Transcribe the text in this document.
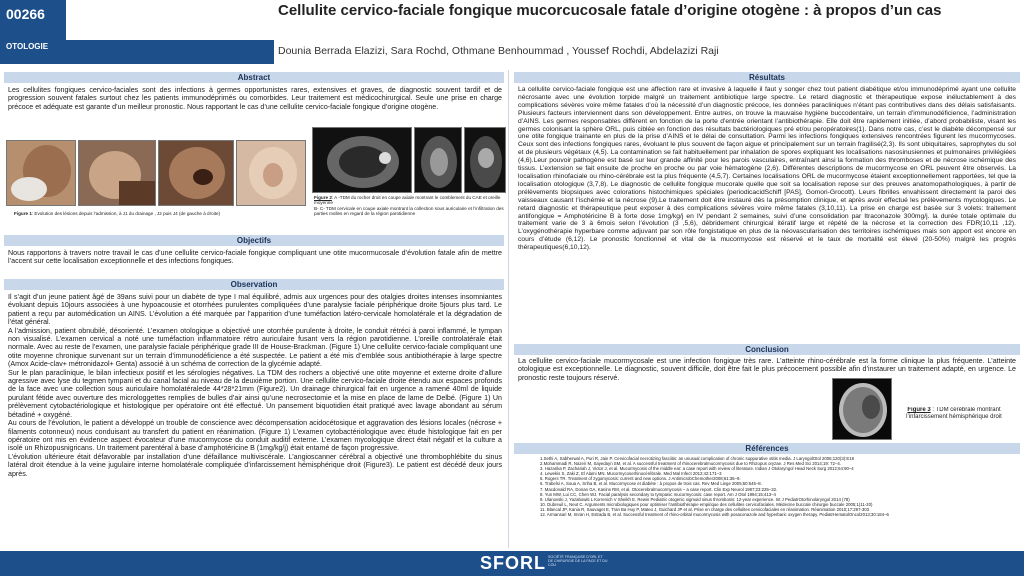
00266
OTOLOGIE
Cellulite cervico-faciale fongique mucorcucosale fatale d’origine otogène : à propos d’un cas
Dounia Berrada Elazizi, Sara Rochd, Othmane Benhoummad , Youssef Rochdi, Abdelazizi Raji
Abstract
Les cellulites fongiques cervico-faciales sont des infections à germes opportunistes rares, extensives et graves, de diagnostic souvent tardif et de progression souvent fatales surtout chez les patients immunodéprimés ou comorbides. Leur traitement est médicochirurgical. Seule une prise en charge précoce et adéquate est garante d’un meilleur pronostic. Nous rapportant le cas d’une cellulite cervico-faciale fongique d’origine otogène.
Figure 1: Evolution des lésions depuis l’admission, à J1 du drainage , J2 puis J4 (de gauche à droite)
Figure 2: A -TDM du rocher droit en coupe axiale montrant le comblement du CAE et oreille moyenne
B- C- TDM cervicale en coupe axiale montrant la collection sous auriculaire et l’infiltration des parties molles en regard de la région parotidienne
Objectifs
Nous rapportons à travers notre travail le cas d’une cellulite cervico-faciale fongique compliquant une otite mucormucosale d’évolution fatale afin de mettre l’accent sur cette localisation exceptionnelle et des infections fongiques.
Observation

Il s’agit d’un jeune patient âgé de 39ans suivi pour un diabète de type I mal équilibré, admis aux urgences pour des otalgies droites intenses insomniantes évoluant depuis 10jours associées à une hypoacousie et otorrhées purulentes compliquées d’une paralysie faciale périphérique droite 5jours plus tard. Le patient a reçu par automédication un AINS. L’évolution a été marquée par l’apparition d’une tuméfaction latéro-cervicale homolatérale et la dégradation de l’état général.

A l’admission, patient obnubilé, désorienté. L’examen otologique a objectivé une otorrhée purulente à droite, le conduit rétréci à paroi inflammé, le tympan non visualisé. L’examen cervical a noté une tuméfaction inflammatoire rétro auriculaire fusant vers la région parotidienne. L’oreille controlatérale était normale. Avec au reste de l’examen, une paralysie faciale périphérique grade III de House-Brackman. (Figure 1) Une cellulite cervico-faciale compliquant une otite moyenne chronique survenant sur un terrain d’immunodéficience a été suspectée. Le patient a été mis d’emblée sous antibiothérapie à large spectre (Amox Acide-clav+ métronidazol+ Genta) associé à un schéma de correction de la glycémie adapté.

Sur le plan paraclinique, le bilan infectieux positif et les sérologies négatives. La TDM des rochers a objectivé une otite moyenne et externe droite d’allure agressive avec lyse du tegmen tympani et du canal facial au niveau de la deuxième portion. Une cellulite cervico-faciale droite étendu aux espaces profonds de la face avec une collection sous auriculaire homolatéralede 44*28*21mm (Figure2). Un drainage chirurgical fait en urgence a ramené 40ml de liquide purulant fétide avec ouverture des microloggettes remplies de bulles d’air ainsi qu’une necrosectomie et la mise en place de lame de Delbé. (Figure 1) Un prélèvement cytobactériologique et histologique per opératoire ont été effectué. Un pansement biquotidien était pratiqué avec lavage abondant au sérum bétadiné + oxygéné.

Au cours de l’évolution, le patient a développé un trouble de conscience avec décompensation acidocétosique et aggravation des lésions locales (nécrose + filaments cotonneux) nous conduisant au transfert du patient en réanimation. (Figure 1) L’examen cytobactériologique avec étude histologique fait en per opératoire ont mis en évidence aspect évocateur d’une mucormycose du conduit auditif externe. L’examen mycologique direct était négatif et la culture a isolé un Rhizopusnigricans. Un traitement parentéral à base d’amphotéricine B (1mg/kg/j) était entamé de façon progressive.

L’évolution ultérieure était défavorable par installation d’une défaillance multiviscérale. L’angioscanner cérébral a objectivé une thrombophlébite du sinus latéral droit étendue à la veine jugulaire interne homolatérale compliquée d’infarcissement hémisphérique droit (Figure3). Le patient est décédé deux jours après.

Résultats
La cellulite cervico-faciale fongique est une affection rare et invasive à laquelle il faut y songer chez tout patient diabétique et/ou immunodéprimé ayant une cellulite nécrosante avec une évolution torpide malgré un traitement antibiotique large spectre. Le retard diagnostic et thérapeutique expose inéluctablement à des complications sévères voire même fatales d’où la nécessité d’un diagnostic précoce, les données paracliniques n’étant pas contributives dans des délais satisfaisants. Plusieurs facteurs interviennent dans son développement. Entre autres, on trouve la mauvaise hygiène buccodentaire, un terrain d’immunodéficience, l’administration d’AINS. Les germes responsables diffèrent en fonction de la porte d’entrée orientant l’antibiothérapie. Elle doit être rapidement initiée, d’abord probabiliste, visant les germes colonisant la sphère ORL, puis ciblée en fonction des résultats bactériologiques pré et/ou peropératoires(1). Dans notre cas, c’est le diabète décompensé sur une otite fongique trainante en plus de la prise d’AINS et le délai de consultation. Parmi les infections fongiques extensives rencontrées figurent les mucormycoses. Ceux sont des infections fongiques rares, évoluant le plus souvent de façon aigue et principalement sur un terrain fragilisé(2,3). Ils sont ubiquitaires, saprophytes du sol et de plusieurs végétaux (4,5). La contamination se fait habituellement par inhalation de spores expliquant les localisations nasosinusiennes et pulmonaires privilégiées (4,6).Leur pouvoir pathogène est basé sur leur grande affinité pour les parois vasculaires, entraînant ainsi la formation des thromboses et de nécrose ischémique des tissus. L’extension se fait ensuite de proche en proche ou par voie hématogène (2,6). Différentes descriptions de mucormycose en ORL peuvent être observés. La localisation rhinofaciale ou rhino-cérébrale est la plus fréquente (4,5,7). Certaines localisations ORL de mucormycose étaient exceptionnellement rapportées, tel que la localisation otologique (3,7,8). Le diagnostic de cellulite fongique mucorale quelle que soit sa localisation repose sur des preuves anatomopathologiques, à partir de prélèvements biopsiques avec colorations histochimiques spéciales (periodicacidSchiff [PAS], Gomori-Grocott). Leurs fibrilles envahissent directement la paroi des vaisseaux causant l’ischémie et la nécrose (9).Le traitement doit être instauré dès la présomption clinique, et après avoir effectué les prélèvements mycologiques. Le retard diagnostic et thérapeutique peut exposer à des complications sévères voire même fatales (3,10,11). La prise en charge est basée sur 3 volets: traitement antifongique = Amphotéricine B à forte dose 1mg/kg/j en IV pendant 2 semaines, suivi d’une consolidation par Itraconazole 300mg/j. la durée totale optimale du traitement varie de 3 à 6mois selon l’évolution (3 ,5,6), débridement chirurgical itératif large et répété de la nécrose et la correction des FDR(10,11 ,12). L’oxygénothérapie hyperbare comme adjuvant par son rôle fongistatique en plus de la néovascularisation des territoires ischémiques mais son apport est encore en cours d’étude (6,12). Le pronostic fonctionnel et vital de la mucormycose est réservé et le taux de mortalité est élevé (20-50%) malgré les progrès thérapeutiques(6,10,12).
Conclusion
La cellulite cervico-faciale mucormycosale est une infection fongique très rare. L’atteinte rhino-cérébrale est la forme clinique la plus fréquente. L’atteinte otologique est exceptionnelle. Le diagnostic, souvent difficile, doit être fait le plus précocement possible afin d’instaurer un traitement adapté, en urgence. Le pronostic reste toujours réservé.
Figure 3 : TDM cérébrale montrant l’infarcissement hémisphérique droit
Références
1.Sethi A, Sabherwal A, Puri R, Jain P. Cervicofacial necrotizing fasciitis: an unusual complication of chronic suppurative otitis media. J LaryngolOtol 2006;120(3):E18
2.Mohammadi R, Nazeri M, Sayedayn SM, et al. A successful treatment of rhinocerebralmucormycosis due to Rhizopus oryzae. J Res Med Sci 2014;19: 72–4.
3. Hazarika P, Zachariah J, Victor J, et al. Mucormycosis of the middle ear: a case report with review of literature. Indian J Otolaryngol Head Neck Surg 2012;64:90–4
4. Lewekis S, Zaki Z, El Alami MN. Mucormycoserhinocérébrale. Med Mal Infect 2012;42:171–3
5. Rogers TR. Treatment of zygomycosis: current and new options. J AntimicrobChemother2008;61:35–9.
6. Trabelsi A, Soua A, Sriha B, et al. Mucormycose et diabète : à propos de trois cas. Rev Med Liege 2005;60:545–8.
7. Macdonald RA, Donan GA, Kanins RM, et al. Otocerebralmucormycosis – a case report. Clin Exp Neurol 1987;23:225–32.
8. Yun MW, Lui CC, Chen WJ. Facial paralysis secondary to tympanic mucormycosis: case report. Am J Otol 1994;15:413–4
9. Ulanovski J, Yazabowiti L Korrenich V Sheikh E. Rewin Pediatric otogenic sigmoid sinus thrombosis: 12-year experience. Int J PediatrOtorhinolaryngol 2014 (78)
10. Dubreuil L, Neut C. Arguments microbiologiques pour optimiser l’antibiothérapie empirique des cellulites cervicofaciales. Médecine buccale chirurgie buccale 2005;1(11-20)
11. Blancal JP, Kania R, Sauvaget E, Tran Ba Huy P, Mateo J, Guichard JP et al. Prise en charge des cellulites cervicofaciales en réanimation. Réanimation 2010;17:297-303
12. Armansari M, Imran H, Estrada B, et al. Successful treatment of rhino-orbital mucormycosis with posaconazole and hyperbaric oxygen therapy. PediatrHematolOncol2013;30:184–6
SFORL SOCIÉTÉ FRANÇAISE D’ORL ET DE CHIRURGIE DE LA FACE ET DU COU
